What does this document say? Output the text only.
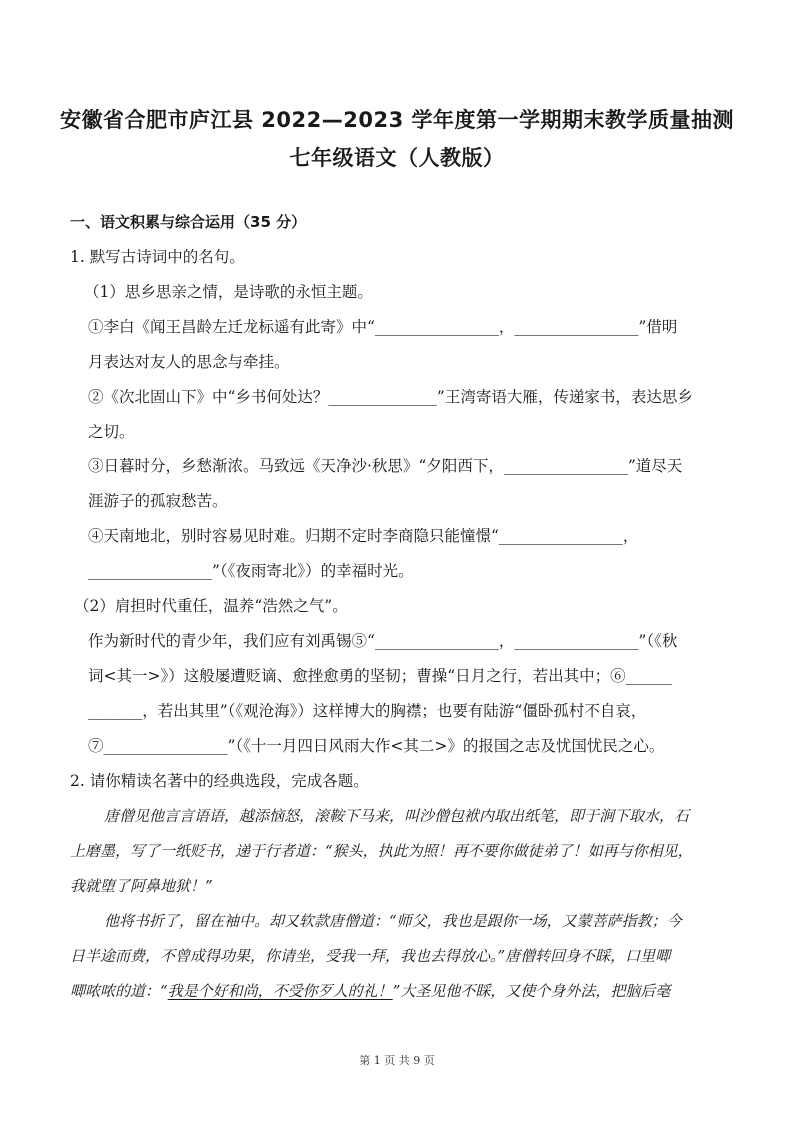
安徽省合肥市庐江县 2022—2023 学年度第一学期期末教学质量抽测
七年级语文（人教版）
一、语文积累与综合运用（35 分）
1. 默写古诗词中的名句。
（1）思乡思亲之情，是诗歌的永恒主题。
①李白《闻王昌龄左迁龙标遥有此寄》中“________________，________________”借明
月表达对友人的思念与牵挂。
②《次北固山下》中“乡书何处达？______________”王湾寄语大雁，传递家书，表达思乡
之切。
③日暮时分，乡愁渐浓。马致远《天净沙·秋思》“夕阳西下，________________”道尽天
涯游子的孤寂愁苦。
④天南地北，别时容易见时难。归期不定时李商隐只能憧憬“________________，
________________”（《夜雨寄北》）的幸福时光。
（2）肩担时代重任，温养“浩然之气”。
作为新时代的青少年，我们应有刘禹锡⑤“________________，________________”（《秋
词<其一>》）这般屡遭贬谪、愈挫愈勇的坚韧；曹操“日月之行，若出其中；⑥______
_______，若出其里”（《观沧海》）这样博大的胸襟；也要有陆游“僵卧孤村不自哀，
⑦________________”（《十一月四日风雨大作<其二>》的报国之志及忧国忧民之心。
2. 请你精读名著中的经典选段，完成各题。
唐僧见他言言语语，越添恼怒，滚鞍下马来，叫沙僧包袱内取出纸笔，即于涧下取水，石
上磨墨，写了一纸贬书，递于行者道：“猴头，执此为照！再不要你做徒弟了！如再与你相见，
我就堕了阿鼻地狱！”
他将书折了，留在袖中。却又软款唐僧道：“师父，我也是跟你一场，又蒙菩萨指教；今
日半途而费，不曾成得功果，你请坐，受我一拜，我也去得放心。”唐僧转回身不睬，口里唧
唧哝哝的道：“我是个好和尚，不受你歹人的礼！”大圣见他不睬，又使个身外法，把脑后毫
第 1 页 共 9 页
